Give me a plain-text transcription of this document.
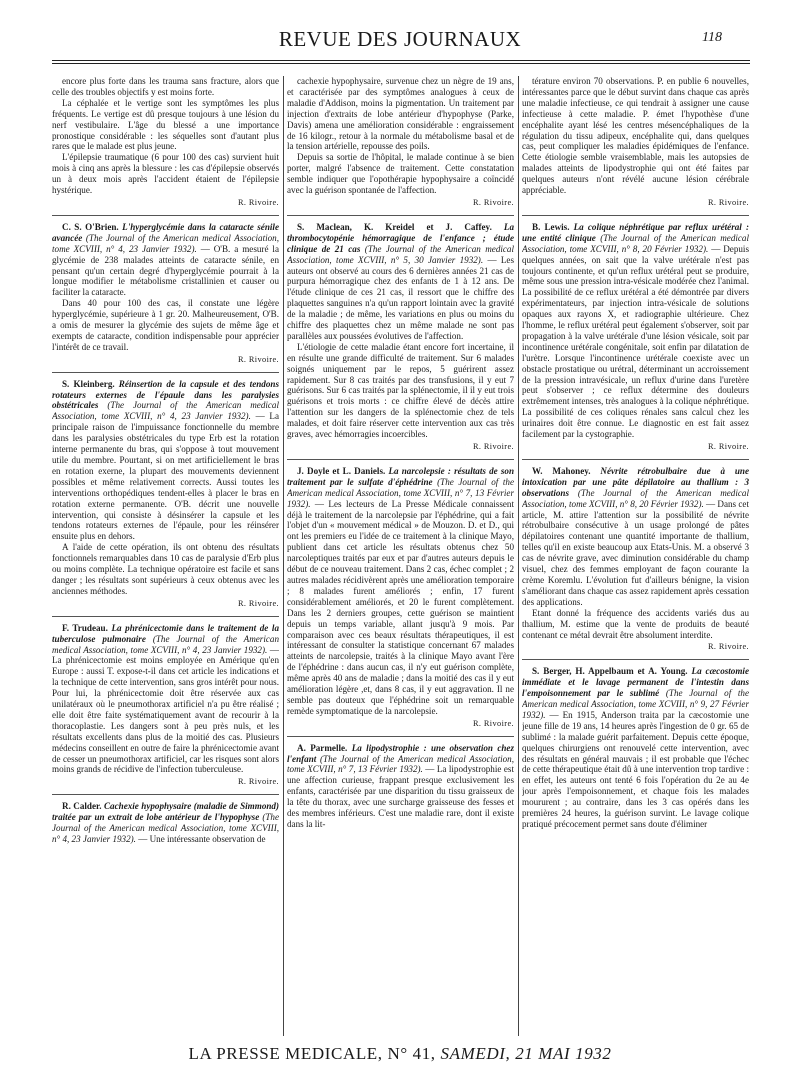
REVUE DES JOURNAUX	118

encore plus forte dans les trauma sans fracture, alors que celle des troubles objectifs y est moins forte.

La céphalée et le vertige sont les symptômes les plus fréquents. Le vertige est dû presque toujours à une lésion du nerf vestibulaire. L'âge du blessé a une importance pronostique considérable : les séquelles sont d'autant plus rares que le malade est plus jeune.

L'épilepsie traumatique (6 pour 100 des cas) survient huit mois à cinq ans après la blessure : les cas d'épilepsie observés un à deux mois après l'accident étaient de l'épilepsie hystérique.

R. Rivoire.

C. S. O'Brien. L'hyperglycémie dans la cataracte sénile avancée (The Journal of the American medical Association, tome XCVIII, n° 4, 23 Janvier 1932). — O'B. a mesuré la glycémie de 238 malades atteints de cataracte sénile, en pensant qu'un certain degré d'hyperglycémie pourrait à la longue modifier le métabolisme cristallinien et causer ou faciliter la cataracte.

Dans 40 pour 100 des cas, il constate une légère hyperglycémie, supérieure à 1 gr. 20. Malheureusement, O'B. a omis de mesurer la glycémie des sujets de même âge et exempts de cataracte, condition indispensable pour apprécier l'intérêt de ce travail.

R. Rivoire.

S. Kleinberg. Réinsertion de la capsule et des tendons rotateurs externes de l'épaule dans les paralysies obstétricales (The Journal of the American medical Association, tome XCVIII, n° 4, 23 Janvier 1932). — La principale raison de l'impuissance fonctionnelle du membre dans les paralysies obstétricales du type Erb est la rotation interne permanente du bras, qui s'oppose à tout mouvement utile du membre. Pourtant, si on met artificiellement le bras en rotation exerne, la plupart des mouvements deviennent possibles et même relativement corrects. Aussi toutes les interventions orthopédiques tendent-elles à placer le bras en rotation externe permanente. O'B. décrit une nouvelle intervention, qui consiste à désinsérer la capsule et les tendons rotateurs externes de l'épaule, pour les réinsérer ensuite plus en dehors.

A l'aide de cette opération, ils ont obtenu des résultats fonctionnels remarquables dans 10 cas de paralysie d'Erb plus ou moins complète. La technique opératoire est facile et sans danger ; les résultats sont supérieurs à ceux obtenus avec les anciennes méthodes.

R. Rivoire.

F. Trudeau. La phrénicectomie dans le traitement de la tuberculose pulmonaire (The Journal of the American medical Association, tome XCVIII, n° 4, 23 Janvier 1932). — La phrénicectomie est moins employée en Amérique qu'en Europe : aussi T. expose-t-il dans cet article les indications et la technique de cette intervention, sans gros intérêt pour nous. Pour lui, la phrénicectomie doit être réservée aux cas unilatéraux où le pneumothorax artificiel n'a pu être réalisé ; elle doit être faite systématiquement avant de recourir à la thoracoplastie. Les dangers sont à peu près nuls, et les résultats excellents dans plus de la moitié des cas. Plusieurs médecins conseillent en outre de faire la phrénicectomie avant de cesser un pneumothorax artificiel, car les risques sont alors moins grands de récidive de l'infection tuberculeuse.

R. Rivoire.

R. Calder. Cachexie hypophysaire (maladie de Simmond) traitée par un extrait de lobe antérieur de l'hypophyse (The Journal of the American medical Association, tome XCVIII, n° 4, 23 Janvier 1932). — Une intéressante observation de

cachexie hypophysaire, survenue chez un nègre de 19 ans, et caractérisée par des symptômes analogues à ceux de maladie d'Addison, moins la pigmentation. Un traitement par injection d'extraits de lobe antérieur d'hypophyse (Parke, Davis) amena une amélioration considérable : engraissement de 16 kilogr., retour à la normale du métabolisme basal et de la tension artérielle, repousse des poils.

Depuis sa sortie de l'hôpital, le malade continue à se bien porter, malgré l'absence de traitement. Cette constatation semble indiquer que l'opothérapie hypophysaire a coïncidé avec la guérison spontanée de l'affection.

R. Rivoire.

S. Maclean, K. Kreidel et J. Caffey. La thrombocytopénie hémorragique de l'enfance ; étude clinique de 21 cas (The Journal of the American medical Association, tome XCVIII, n° 5, 30 Janvier 1932). — Les auteurs ont observé au cours des 6 dernières années 21 cas de purpura hémorragique chez des enfants de 1 à 12 ans. De l'étude clinique de ces 21 cas, il ressort que le chiffre des plaquettes sanguines n'a qu'un rapport lointain avec la gravité de la maladie ; de même, les variations en plus ou moins du chiffre des plaquettes chez un même malade ne sont pas parallèles aux poussées évolutives de l'affection.

L'étiologie de cette maladie étant encore fort incertaine, il en résulte une grande difficulté de traitement. Sur 6 malades soignés uniquement par le repos, 5 guérirent assez rapidement. Sur 8 cas traités par des transfusions, il y eut 7 guérisons. Sur 6 cas traités par la splénectomie, il il y eut trois guérisons et trois morts : ce chiffre élevé de décès attire l'attention sur les dangers de la splénectomie chez de tels malades, et doit faire réserver cette intervention aux cas très graves, avec hémorragies incoercibles.

R. Rivoire.

J. Doyle et L. Daniels. La narcolepsie : résultats de son traitement par le sulfate d'éphédrine (The Journal of the American medical Association, tome XCVIII, n° 7, 13 Février 1932). — Les lecteurs de La Presse Médicale connaissent déjà le traitement de la narcolepsie par l'éphédrine, qui a fait l'objet d'un « mouvement médical » de Mouzon. D. et D., qui ont les premiers eu l'idée de ce traitement à la clinique Mayo, publient dans cet article les résultats obtenus chez 50 narcoleptiques traités par eux et par d'autres auteurs depuis le début de ce nouveau traitement. Dans 2 cas, échec complet ; 2 autres malades récidivèrent après une amélioration temporaire ; 8 malades furent améliorés ; enfin, 17 furent considérablement améliorés, et 20 le furent complètement. Dans les 2 derniers groupes, cette guérison se maintient depuis un temps variable, allant jusqu'à 9 mois. Par comparaison avec ces beaux résultats thérapeutiques, il est intéressant de consulter la statistique concernant 67 malades atteints de narcolepsie, traités à la clinique Mayo avant l'ère de l'éphédrine : dans aucun cas, il n'y eut guérison complète, même après 40 ans de maladie ; dans la moitié des cas il y eut amélioration légère ,et, dans 8 cas, il y eut aggravation. Il ne semble pas douteux que l'éphédrine soit un remarquable remède symptomatique de la narcolepsie.

R. Rivoire.

A. Parmelle. La lipodystrophie : une observation chez l'enfant (The Journal of the American medical Association, tome XCVIII, n° 7, 13 Février 1932). — La lipodystrophie est une affection curieuse, frappant presque exclusivement les enfants, caractérisée par une disparition du tissu graisseux de la tête du thorax, avec une surcharge graisseuse des fesses et des membres inférieurs. C'est une maladie rare, dont il existe dans la lit-

térature environ 70 observations. P. en publie 6 nouvelles, intéressantes parce que le début survint dans chaque cas après une maladie infectieuse, ce qui tendrait à assigner une cause infectieuse à cette maladie. P. émet l'hypothèse d'une encéphalite ayant lésé les centres mésencéphaliques de la régulation du tissu adipeux, encéphalite qui, dans quelques cas, peut compliquer les maladies épidémiques de l'enfance. Cette étiologie semble vraisemblable, mais les autopsies de malades atteints de lipodystrophie qui ont été faites par quelques auteurs n'ont révélé aucune lésion cérébrale appréciable.

R. Rivoire.

B. Lewis. La colique néphrétique par reflux urétéral : une entité clinique (The Journal of the American medical Association, tome XCVIII, n° 8, 20 Février 1932). — Depuis quelques années, on sait que la valve urétérale n'est pas toujours continente, et qu'un reflux urétéral peut se produire, même sous une pression intra-vésicale modérée chez l'animal. La possibilité de ce reflux urétéral a été démontrée par divers expérimentateurs, par injection intra-vésicale de solutions opaques aux rayons X, et radiographie ultérieure. Chez l'homme, le reflux urétéral peut également s'observer, soit par propagation à la valve urétérale d'une lésion vésicale, soit par incontinence urétérale congénitale, soit enfin par dilatation de l'urètre. Lorsque l'incontinence urétérale coexiste avec un obstacle prostatique ou urétral, déterminant un accroissement de la pression intravésicale, un reflux d'urine dans l'uretère peut s'observer ; ce reflux détermine des douleurs extrêmement intenses, très analogues à la colique néphrétique. La possibilité de ces coliques rénales sans calcul chez les urinaires doit être connue. Le diagnostic en est fait assez facilement par la cystographie.

R. Rivoire.

W. Mahoney. Névrite rétrobulbaire due à une intoxication par une pâte dépilatoire au thallium : 3 observations (The Journal of the American medical Association, tome XCVIII, n° 8, 20 Février 1932). — Dans cet article, M. attire l'attention sur la possibilité de névrite rétrobulbaire consécutive à un usage prolongé de pâtes dépilatoires contenant une quantité importante de thallium, telles qu'il en existe beaucoup aux Etats-Unis. M. a observé 3 cas de névrite grave, avec diminution considérable du champ visuel, chez des femmes employant de façon courante la crème Koremlu. L'évolution fut d'ailleurs bénigne, la vision s'améliorant dans chaque cas assez rapidement après cessation des applications.

Etant donné la fréquence des accidents variés dus au thallium, M. estime que la vente de produits de beauté contenant ce métal devrait être absolument interdite.

R. Rivoire.

S. Berger, H. Appelbaum et A. Young. La cæcostomie immédiate et le lavage permanent de l'intestin dans l'empoisonnement par le sublimé (The Journal of the American medical Association, tome XCVIII, n° 9, 27 Février 1932). — En 1915, Anderson traita par la cæcostomie une jeune fille de 19 ans, 14 heures après l'ingestion de 0 gr. 65 de sublimé : la malade guérit parfaitement. Depuis cette époque, quelques chirurgiens ont renouvelé cette intervention, avec des résultats en général mauvais ; il est probable que l'échec de cette thérapeutique était dû à une intervention trop tardive : en effet, les auteurs ont tenté 6 fois l'opération du 2e au 4e jour après l'empoisonnement, et chaque fois les malades moururent ; au contraire, dans les 3 cas opérés dans les premières 24 heures, la guérison survint. Le lavage colique pratiqué précocement permet sans doute d'éliminer

LA PRESSE MEDICALE, N° 41, SAMEDI, 21 MAI 1932
